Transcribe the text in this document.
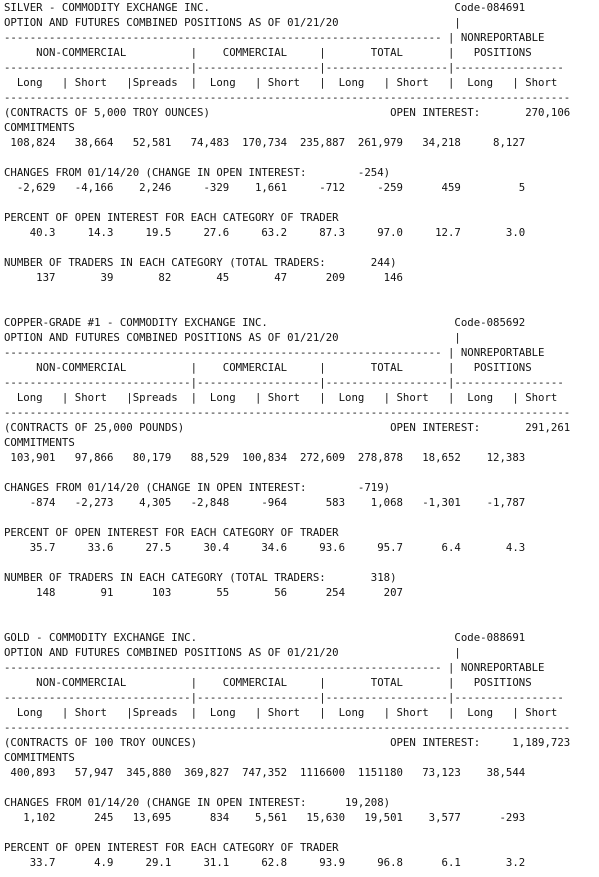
SILVER - COMMODITY EXCHANGE INC.                                      Code-084691
OPTION AND FUTURES COMBINED POSITIONS AS OF 01/21/20                  |
-------------------------------------------------------------------- | NONREPORTABLE
NON-COMMERCIAL          |    COMMERCIAL     |       TOTAL       |   POSITIONS
-----------------------------|-------------------|-------------------|-----------------
Long   | Short   |Spreads  |  Long   | Short   |  Long   | Short   |  Long   | Short
----------------------------------------------------------------------------------------
(CONTRACTS OF 5,000 TROY OUNCES)                            OPEN INTEREST:       270,106
COMMITMENTS
108,824   38,664   52,581   74,483  170,734  235,887  261,979   34,218     8,127
CHANGES FROM 01/14/20 (CHANGE IN OPEN INTEREST:        -254)
-2,629   -4,166    2,246     -329    1,661     -712     -259      459         5
PERCENT OF OPEN INTEREST FOR EACH CATEGORY OF TRADER
40.3     14.3     19.5     27.6     63.2     87.3     97.0     12.7       3.0
NUMBER OF TRADERS IN EACH CATEGORY (TOTAL TRADERS:       244)
137       39       82       45       47      209      146
COPPER-GRADE #1 - COMMODITY EXCHANGE INC.                             Code-085692
OPTION AND FUTURES COMBINED POSITIONS AS OF 01/21/20                  |
-------------------------------------------------------------------- | NONREPORTABLE
NON-COMMERCIAL          |    COMMERCIAL     |       TOTAL       |   POSITIONS
-----------------------------|-------------------|-------------------|-----------------
Long   | Short   |Spreads  |  Long   | Short   |  Long   | Short   |  Long   | Short
----------------------------------------------------------------------------------------
(CONTRACTS OF 25,000 POUNDS)                                OPEN INTEREST:       291,261
COMMITMENTS
103,901   97,866   80,179   88,529  100,834  272,609  278,878   18,652    12,383
CHANGES FROM 01/14/20 (CHANGE IN OPEN INTEREST:        -719)
-874   -2,273    4,305   -2,848     -964      583    1,068   -1,301    -1,787
PERCENT OF OPEN INTEREST FOR EACH CATEGORY OF TRADER
35.7     33.6     27.5     30.4     34.6     93.6     95.7      6.4       4.3
NUMBER OF TRADERS IN EACH CATEGORY (TOTAL TRADERS:       318)
148       91      103       55       56      254      207
GOLD - COMMODITY EXCHANGE INC.                                        Code-088691
OPTION AND FUTURES COMBINED POSITIONS AS OF 01/21/20                  |
-------------------------------------------------------------------- | NONREPORTABLE
NON-COMMERCIAL          |    COMMERCIAL     |       TOTAL       |   POSITIONS
-----------------------------|-------------------|-------------------|-----------------
Long   | Short   |Spreads  |  Long   | Short   |  Long   | Short   |  Long   | Short
----------------------------------------------------------------------------------------
(CONTRACTS OF 100 TROY OUNCES)                              OPEN INTEREST:     1,189,723
COMMITMENTS
400,893   57,947  345,880  369,827  747,352  1116600  1151180   73,123    38,544
CHANGES FROM 01/14/20 (CHANGE IN OPEN INTEREST:      19,208)
1,102      245   13,695      834    5,561   15,630   19,501    3,577      -293
PERCENT OF OPEN INTEREST FOR EACH CATEGORY OF TRADER
33.7      4.9     29.1     31.1     62.8     93.9     96.8      6.1       3.2
